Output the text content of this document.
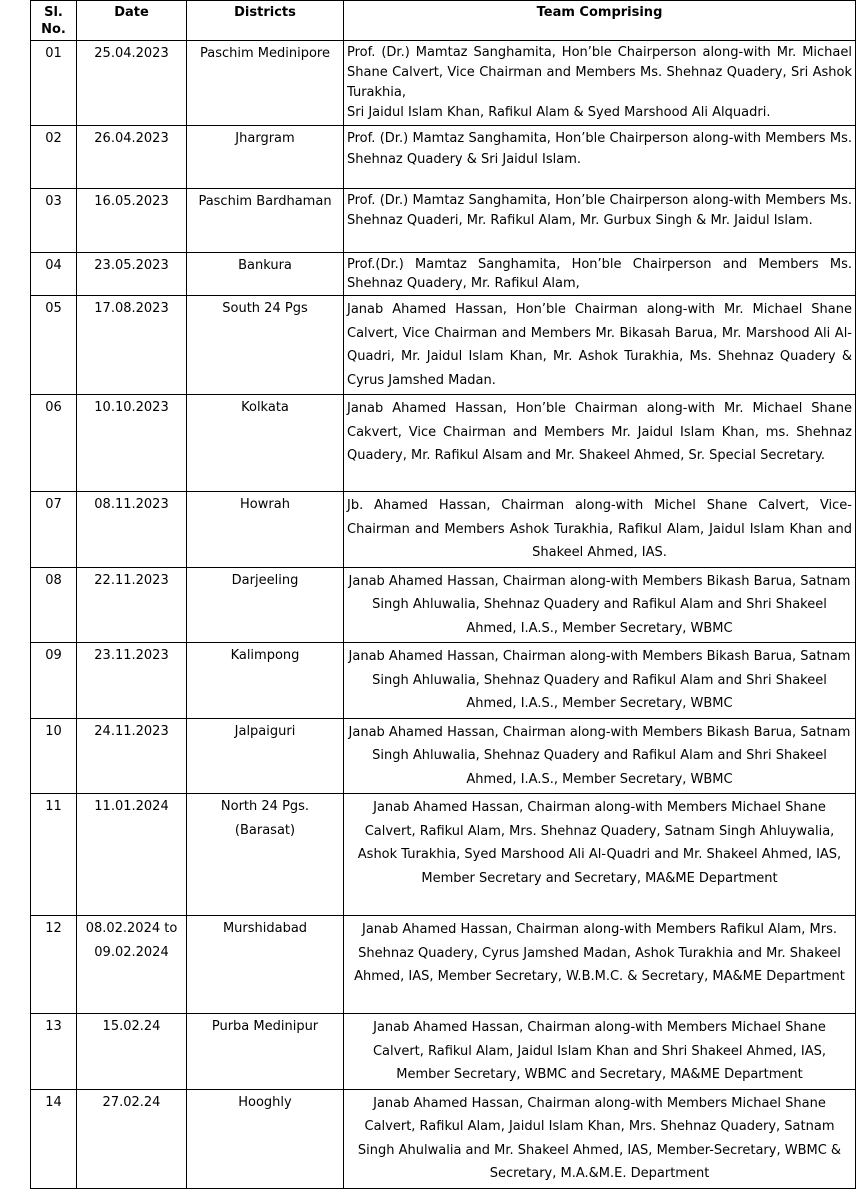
Sl. No.	Date	Districts	Team Comprising
01	25.04.2023	Paschim Medinipore	Prof. (Dr.) Mamtaz Sanghamita, Hon’ble Chairperson along-with Mr. Michael Shane Calvert, Vice Chairman and Members Ms. Shehnaz Quadery, Sri Ashok Turakhia,
Sri Jaidul Islam Khan, Rafikul Alam & Syed Marshood Ali Alquadri.

02	26.04.2023	Jhargram	Prof. (Dr.) Mamtaz Sanghamita, Hon’ble Chairperson along-with Members Ms. Shehnaz Quadery & Sri Jaidul Islam.
03	16.05.2023	Paschim Bardhaman	Prof. (Dr.) Mamtaz Sanghamita, Hon’ble Chairperson along-with Members Ms. Shehnaz Quaderi, Mr. Rafikul Alam, Mr. Gurbux Singh & Mr. Jaidul Islam.
04	23.05.2023	Bankura	Prof.(Dr.) Mamtaz Sanghamita, Hon’ble Chairperson and Members Ms. Shehnaz Quadery, Mr. Rafikul Alam,
05	17.08.2023	South 24 Pgs	Janab Ahamed Hassan, Hon’ble Chairman along-with Mr. Michael Shane Calvert, Vice Chairman and Members Mr. Bikasah Barua, Mr. Marshood Ali Al-Quadri, Mr. Jaidul Islam Khan, Mr. Ashok Turakhia, Ms. Shehnaz Quadery & Cyrus Jamshed Madan.
06	10.10.2023	Kolkata	Janab Ahamed Hassan, Hon’ble Chairman along-with Mr. Michael Shane Cakvert, Vice Chairman and Members Mr. Jaidul Islam Khan, ms. Shehnaz Quadery, Mr. Rafikul Alsam and Mr. Shakeel Ahmed, Sr. Special Secretary.
07	08.11.2023	Howrah	Jb. Ahamed Hassan, Chairman along-with Michel Shane Calvert, Vice-Chairman and Members Ashok Turakhia, Rafikul Alam, Jaidul Islam Khan and Shakeel Ahmed, IAS.
08	22.11.2023	Darjeeling	Janab Ahamed Hassan, Chairman along-with Members Bikash Barua, Satnam Singh Ahluwalia, Shehnaz Quadery and Rafikul Alam and Shri Shakeel Ahmed, I.A.S., Member Secretary, WBMC
09	23.11.2023	Kalimpong	Janab Ahamed Hassan, Chairman along-with Members Bikash Barua, Satnam Singh Ahluwalia, Shehnaz Quadery and Rafikul Alam and Shri Shakeel Ahmed, I.A.S., Member Secretary, WBMC
10	24.11.2023	Jalpaiguri	Janab Ahamed Hassan, Chairman along-with Members Bikash Barua, Satnam Singh Ahluwalia, Shehnaz Quadery and Rafikul Alam and Shri Shakeel Ahmed, I.A.S., Member Secretary, WBMC
11	11.01.2024	North 24 Pgs. (Barasat)	Janab Ahamed Hassan, Chairman along-with Members Michael Shane Calvert, Rafikul Alam, Mrs. Shehnaz Quadery, Satnam Singh Ahluywalia, Ashok Turakhia, Syed Marshood Ali Al-Quadri and Mr. Shakeel Ahmed, IAS, Member Secretary and Secretary, MA&ME Department
12	08.02.2024 to 09.02.2024	Murshidabad	Janab Ahamed Hassan, Chairman along-with Members Rafikul Alam, Mrs. Shehnaz Quadery, Cyrus Jamshed Madan, Ashok Turakhia and Mr. Shakeel Ahmed, IAS, Member Secretary, W.B.M.C. & Secretary, MA&ME Department
13	15.02.24	Purba Medinipur	Janab Ahamed Hassan, Chairman along-with Members Michael Shane Calvert, Rafikul Alam, Jaidul Islam Khan and Shri Shakeel Ahmed, IAS, Member Secretary, WBMC and Secretary, MA&ME Department
14	27.02.24	Hooghly	Janab Ahamed Hassan, Chairman along-with Members Michael Shane Calvert, Rafikul Alam, Jaidul Islam Khan, Mrs. Shehnaz Quadery, Satnam Singh Ahulwalia and Mr. Shakeel Ahmed, IAS, Member-Secretary, WBMC & Secretary, M.A.&M.E. Department
